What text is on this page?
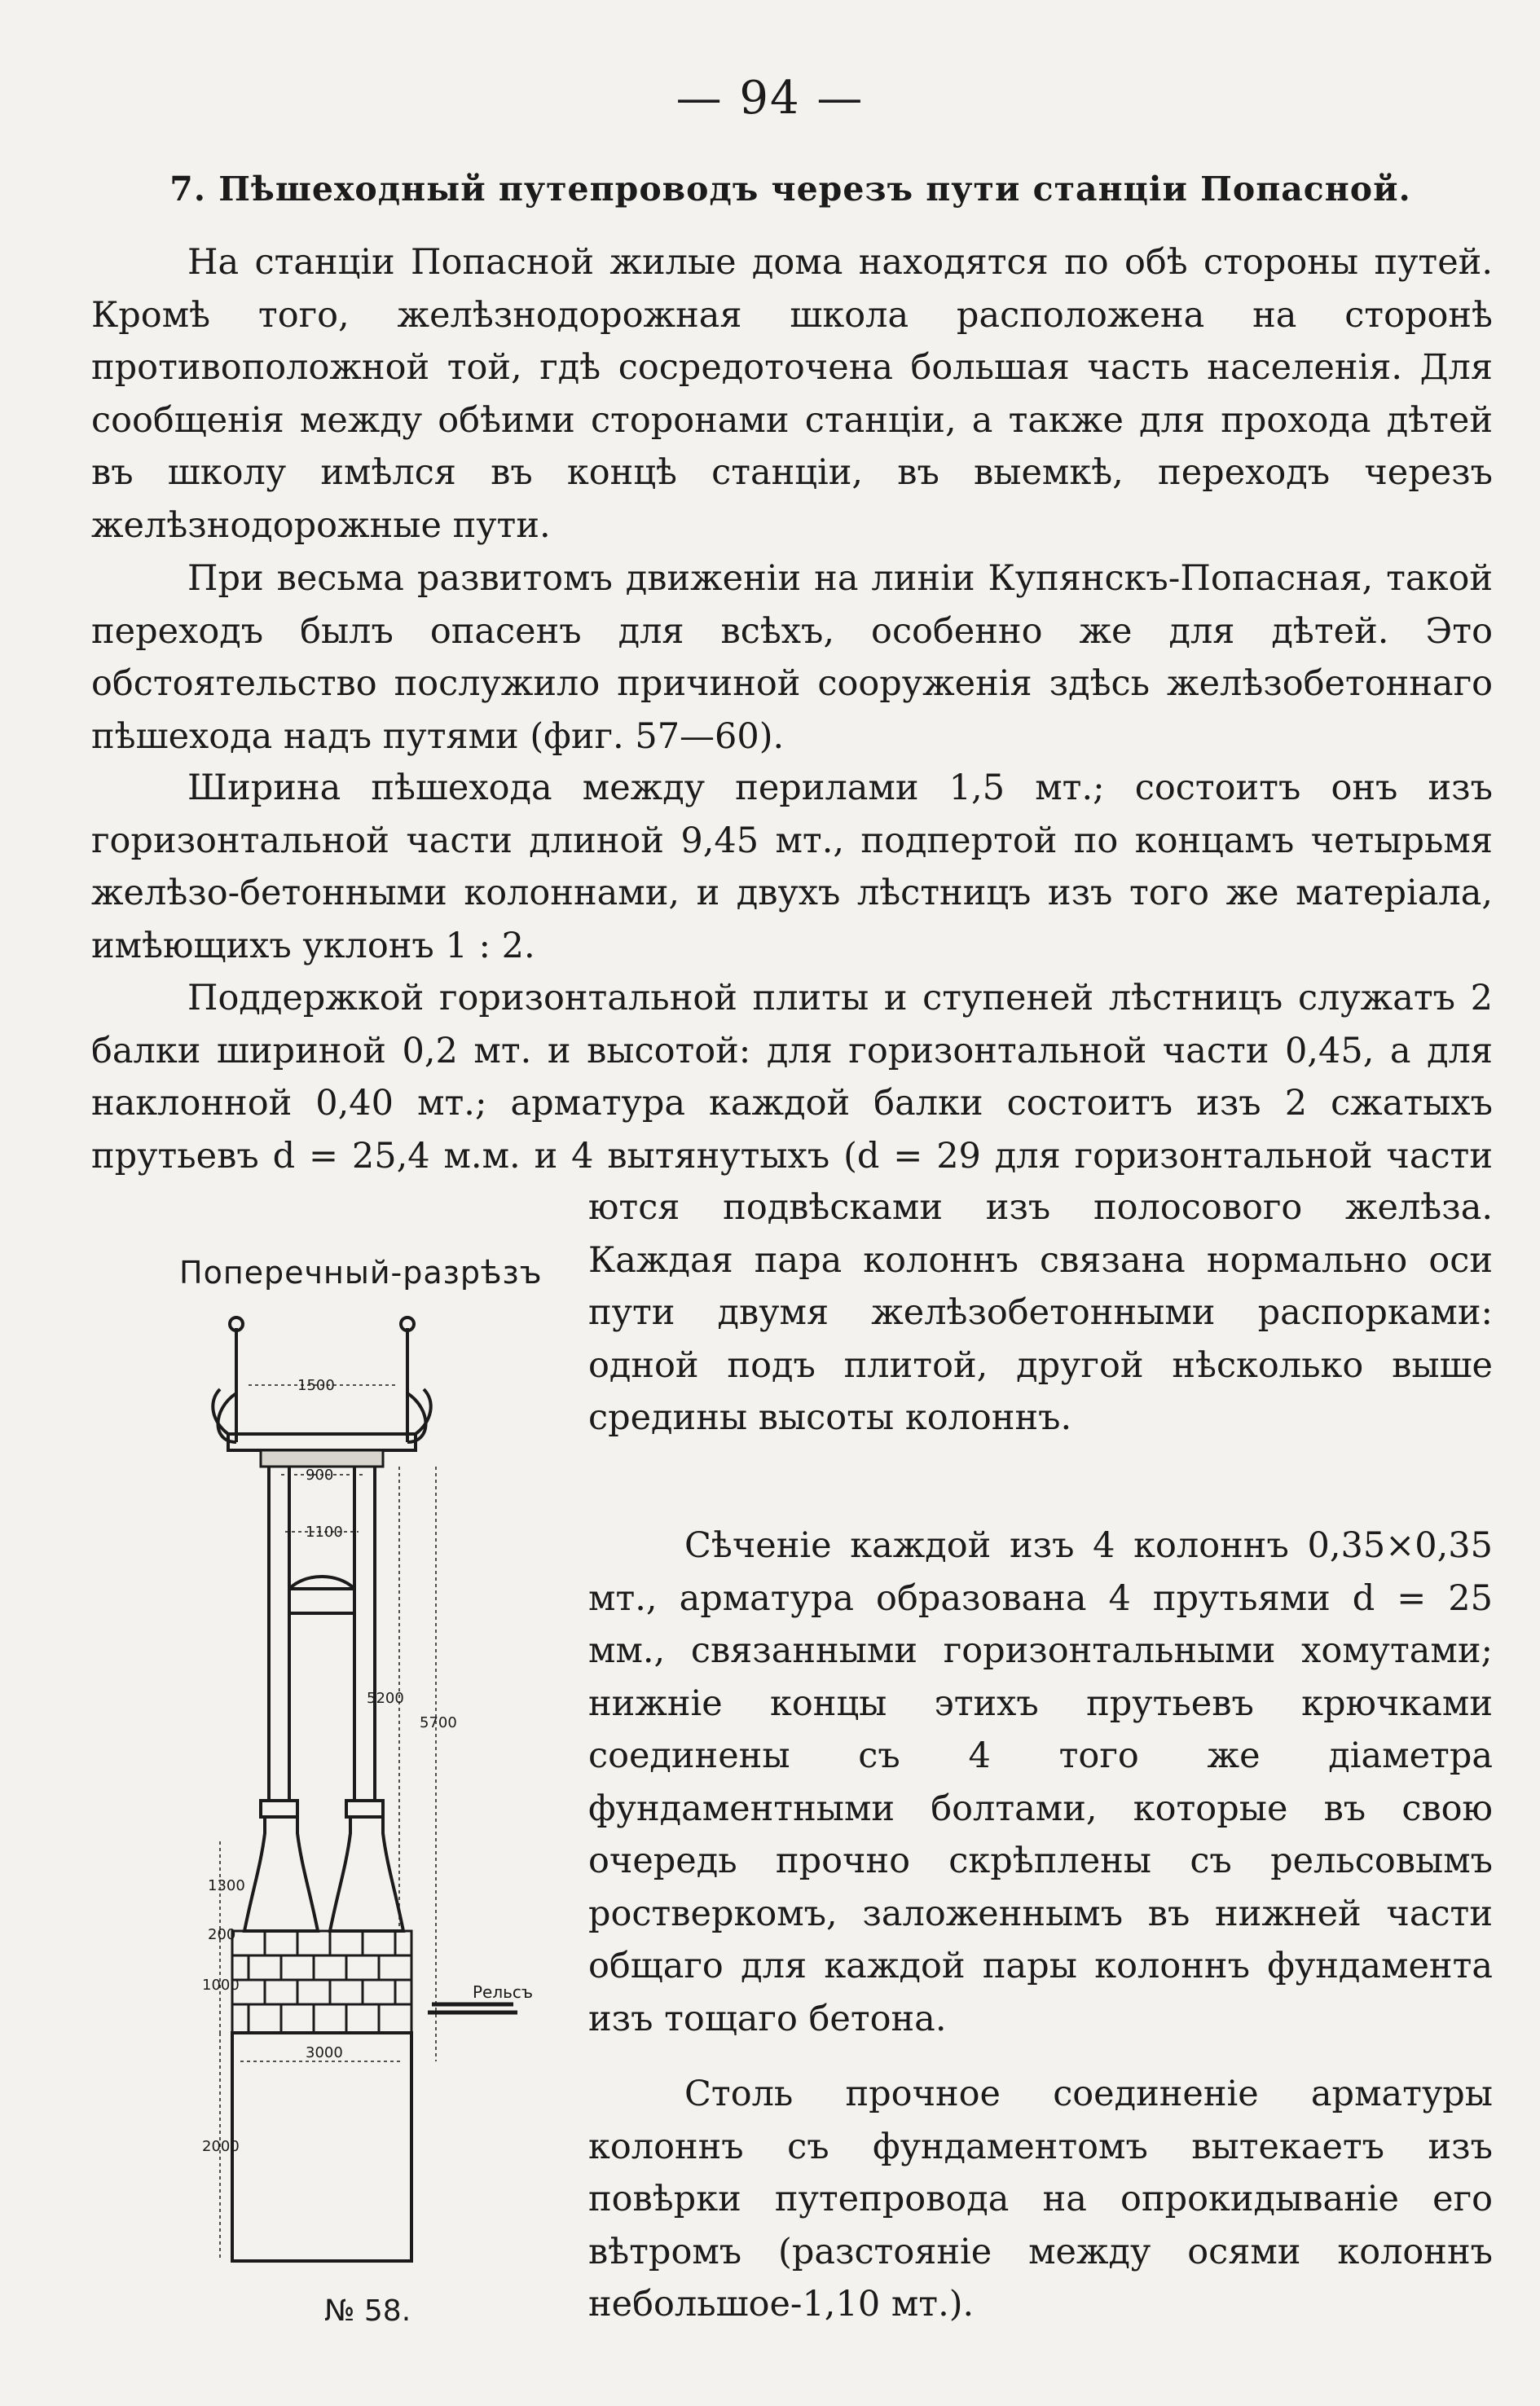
— 94 —
7. Пѣшеходный путепроводъ черезъ пути станціи Попасной.

На станціи Попасной жилые дома находятся по обѣ стороны путей. Кромѣ того, желѣзнодорожная школа расположена на сторонѣ противоположной той, гдѣ сосредоточена большая часть населенія. Для сообщенія между обѣими сторонами станціи, а также для прохода дѣтей въ школу имѣлся въ концѣ станціи, въ выемкѣ, переходъ черезъ желѣзнодорожные пути.

При весьма развитомъ движеніи на линіи Купянскъ-Попасная, такой переходъ былъ опасенъ для всѣхъ, особенно же для дѣтей. Это обстоятельство послужило причиной сооруженія здѣсь желѣзобетоннаго пѣшехода надъ путями (фиг. 57—60).

Ширина пѣшехода между перилами 1,5 мт.; состоитъ онъ изъ горизонтальной части длиной 9,45 мт., подпертой по концамъ четырьмя желѣзо-бетонными колоннами, и двухъ лѣстницъ изъ того же матеріала, имѣющихъ уклонъ 1 : 2.

Поддержкой горизонтальной плиты и ступеней лѣстницъ служатъ 2 балки шириной 0,2 мт. и высотой: для горизонтальной части 0,45, а для наклонной 0,40 мт.; арматура каждой балки состоитъ изъ 2 сжатыхъ прутьевъ d = 25,4 м.м. и 4 вытянутыхъ (d = 29 для горизонтальной части

ются подвѣсками изъ полосового желѣза. Каждая пара колоннъ связана нормально оси пути двумя желѣзобетонными распорками: одной подъ плитой, другой нѣсколько выше средины высоты колоннъ.

Сѣченіе каждой изъ 4 колоннъ 0,35×0,35 мт., арматура образована 4 прутьями d = 25 мм., связанными горизонтальными хомутами; нижніе концы этихъ прутьевъ крючками соединены съ 4 того же діаметра фундаментными болтами, которые въ свою очередь прочно скрѣплены съ рельсовымъ ростверкомъ, заложеннымъ въ нижней части общаго для каждой пары колоннъ фундамента изъ тощаго бетона.

Столь прочное соединеніе арматуры колоннъ съ фундаментомъ вытекаетъ изъ повѣрки путепровода на опрокидываніе его вѣтромъ (разстояніе между осями колоннъ небольшое-1,10 мт.).

Поперечный-разрѣзъ
1500
900
1100
5200
5700
1300
200
1000
3000
2000
Рельсъ
№ 58.
